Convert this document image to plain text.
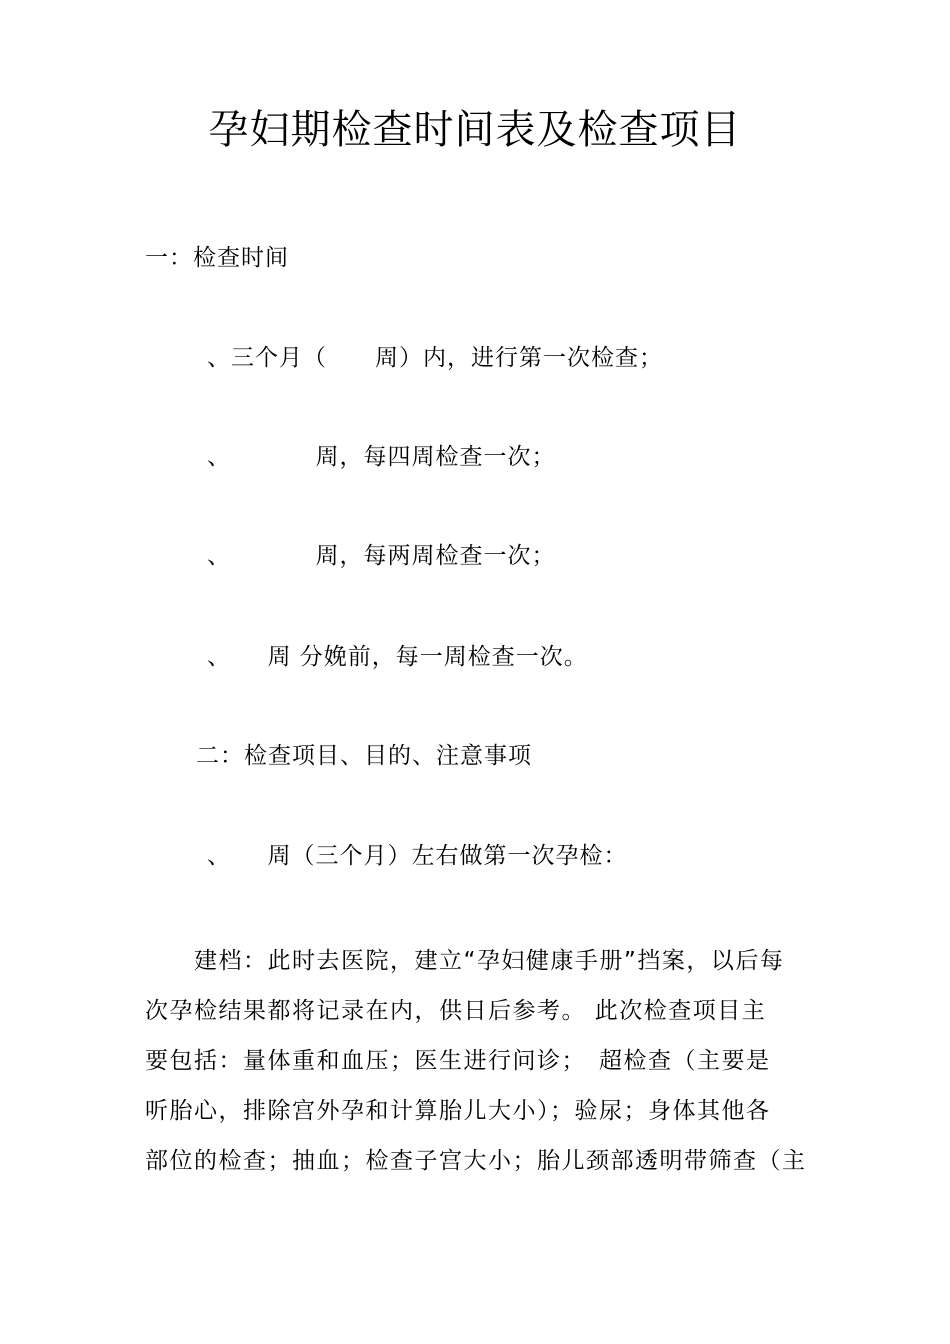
孕妇期检查时间表及检查项目
一：检查时间
、三个月（　　周）内，进行第一次检查；
、　　　　周，每四周检查一次；
、　　　　周，每两周检查一次；
、　　周 分娩前，每一周检查一次。
二：检查项目、目的、注意事项
、　　周（三个月）左右做第一次孕检：
　　建档：此时去医院，建立“孕妇健康手册”挡案，以后每
次孕检结果都将记录在内，供日后参考。 此次检查项目主
要包括：量体重和血压；医生进行问诊；　超检查（主要是
听胎心，排除宫外孕和计算胎儿大小）；验尿；身体其他各
部位的检查；抽血；检查子宫大小；胎儿颈部透明带筛查（主
